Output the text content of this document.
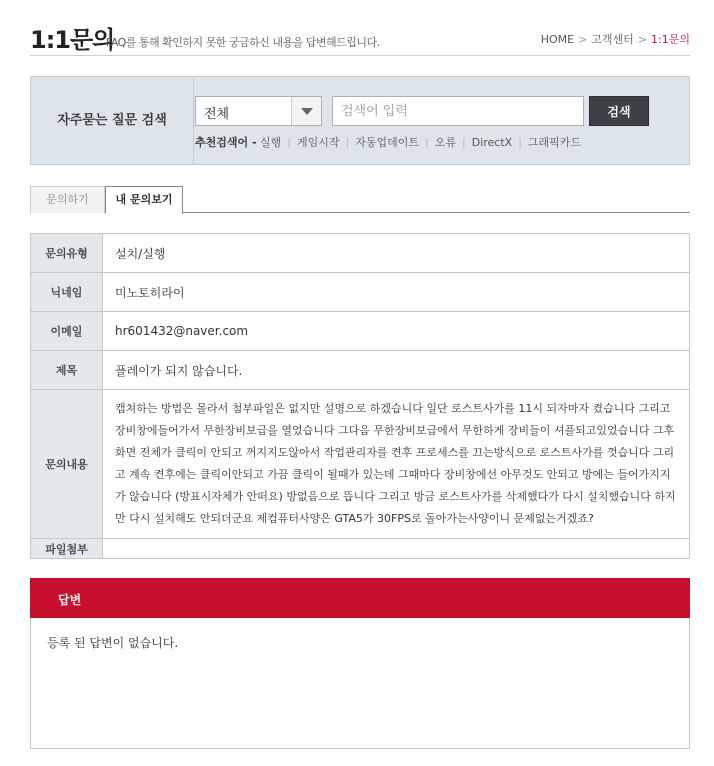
1:1문의
FAQ를 통해 확인하지 못한 궁금하신 내용을 답변해드립니다.	HOME > 고객센터 > 1:1문의
자주묻는 질문 검색	전체
검색어 입력	검색
추천검색어 - 실행 | 게임시작 | 자동업데이트 | 오류 | DirectX | 그래픽카드
문의하기	내 문의보기
문의유형	설치/실행
닉네임	미노토히라이
이메일	hr601432@naver.com
제목	플레이가 되지 않습니다.
문의내용	캡쳐하는 방법은 몰라서 첨부파일은 없지만 설명으로 하겠습니다 일단 로스트사가를 11시 되자마자 켰습니다 그리고 장비창에들어가서 무한장비보급을 열었습니다 그다음 무한장비보급에서 무한하게 장비들이 셔플되고있었습니다 그후 화면 전체가 클릭이 안되고 꺼지지도않아서 작업관리자를 켠후 프로세스를 끄는방식으로 로스트사가를 껏습니다 그리고 계속 켠후에는 클릭이안되고 가끔 클릭이 될때가 있는데 그때마다 장비창에선 아무것도 안되고 방에는 들어가지지가 않습니다 (방표시자체가 안떠요) 방없음으로 뜹니다 그리고 방금 로스트사가를 삭제했다가 다시 설치했습니다 하지만 다시 설치해도 안되더군요 제컴퓨터사양은 GTA5가 30FPS로 돌아가는사양이니 문제없는거겠죠?
파일첨부	
답변
등록 된 답변이 없습니다.
